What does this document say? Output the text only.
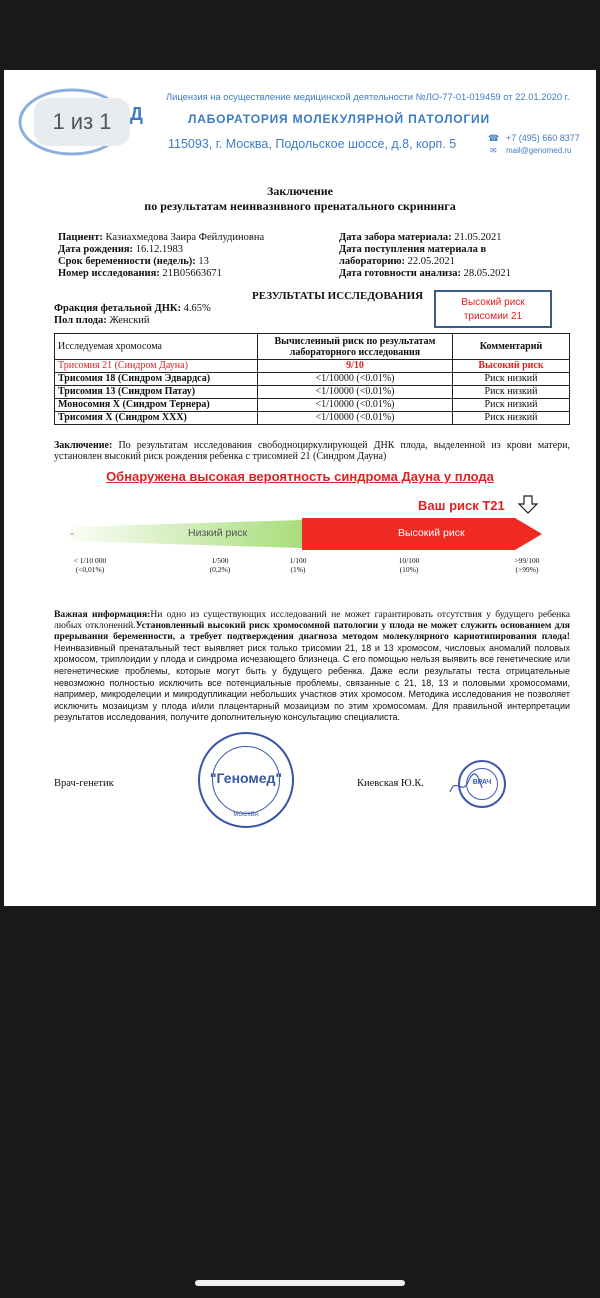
1 из 1	Д
Лицензия на осуществление медицинской деятельности №ЛО-77-01-019459 от 22.01.2020 г.
ЛАБОРАТОРИЯ МОЛЕКУЛЯРНОЙ ПАТОЛОГИИ
115093, г. Москва, Подольское шоссе, д.8, корп. 5	☎ +7 (495) 660 8377
✉ mail@genomed.ru
Заключение
по результатам неинвазивного пренатального скрининга
Пациент: Казиахмедова Заира Фейлудиновна
Дата рождения: 16.12.1983
Срок беременности (недель): 13
Номер исследования: 21B05663671
Дата забора материала: 21.05.2021
Дата поступления материала в
лабораторию: 22.05.2021
Дата готовности анализа: 28.05.2021
РЕЗУЛЬТАТЫ ИССЛЕДОВАНИЯ
Фракция фетальной ДНК: 4.65%
Пол плода: Женский
Высокий риск
трисомии 21
Исследуемая хромосома	Вычисленный риск по результатам
лабораторного исследования	Комментарий
Трисомия 21 (Синдром Дауна)	9/10	Высокий риск
Трисомия 18 (Синдром Эдвардса)	<1/10000 (<0.01%)	Риск низкий
Трисомия 13 (Синдром Патау)	<1/10000 (<0.01%)	Риск низкий
Моносомия X (Синдром Тернера)	<1/10000 (<0.01%)	Риск низкий
Трисомия X (Синдром XXX)	<1/10000 (<0.01%)	Риск низкий
Заключение: По результатам исследования свободноциркулирующей ДНК плода, выделенной из крови матери, установлен высокий риск рождения ребенка с трисомией 21 (Синдром Дауна)
Обнаружена высокая вероятность синдрома Дауна у плода
Ваш риск Т21
Низкий риск	Высокий риск
< 1/10 000
(<0,01%)
1/500
(0,2%)
1/100
(1%)
10/100
(10%)
>99/100
(>99%)
Важная информация:Ни одно из существующих исследований не может гарантировать отсутствия у будущего ребенка любых отклонений.Установленный высокий риск хромосомной патологии у плода не может служить основанием для прерывания беременности, а требует подтверждения диагноза методом молекулярного кариотипирования плода! Неинвазивный пренатальный тест выявляет риск только трисомии 21, 18 и 13 хромосом, числовых аномалий половых хромосом, триплоидии у плода и синдрома исчезающего близнеца. С его помощью нельзя выявить все генетические или негенетические проблемы, которые могут быть у будущего ребенка. Даже если результаты теста отрицательные невозможно полностью исключить все потенциальные проблемы, связанные с 21, 18, 13 и половыми хромосомами, например, микроделеции и микродупликации небольших участков этих хромосом. Методика исследования не позволяет исключить мозаицизм у плода и/или плацентарный мозаицизм по этим хромосомам. Для правильной интерпретации результатов исследования, получите дополнительную консультацию специалиста.
Врач-генетик	Киевская Ю.К.
"Геномед"
МОСКВА
ВРАЧ
